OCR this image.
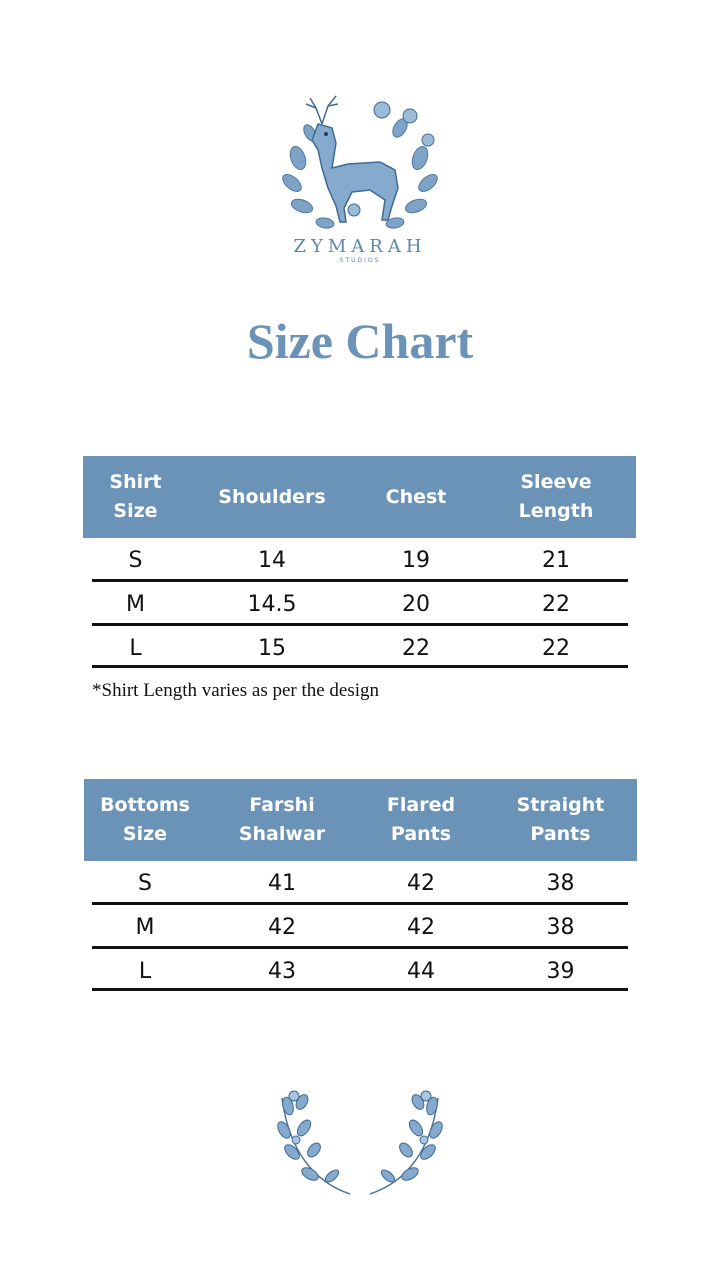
ZYMARAH
STUDIOS
Size Chart
Shirt Size	Shoulders	Chest	Sleeve Length
S	14	19	21
M	14.5	20	22
L	15	22	22
*Shirt Length varies as per the design
Bottoms Size	Farshi Shalwar	Flared Pants	Straight Pants
S	41	42	38
M	42	42	38
L	43	44	39
